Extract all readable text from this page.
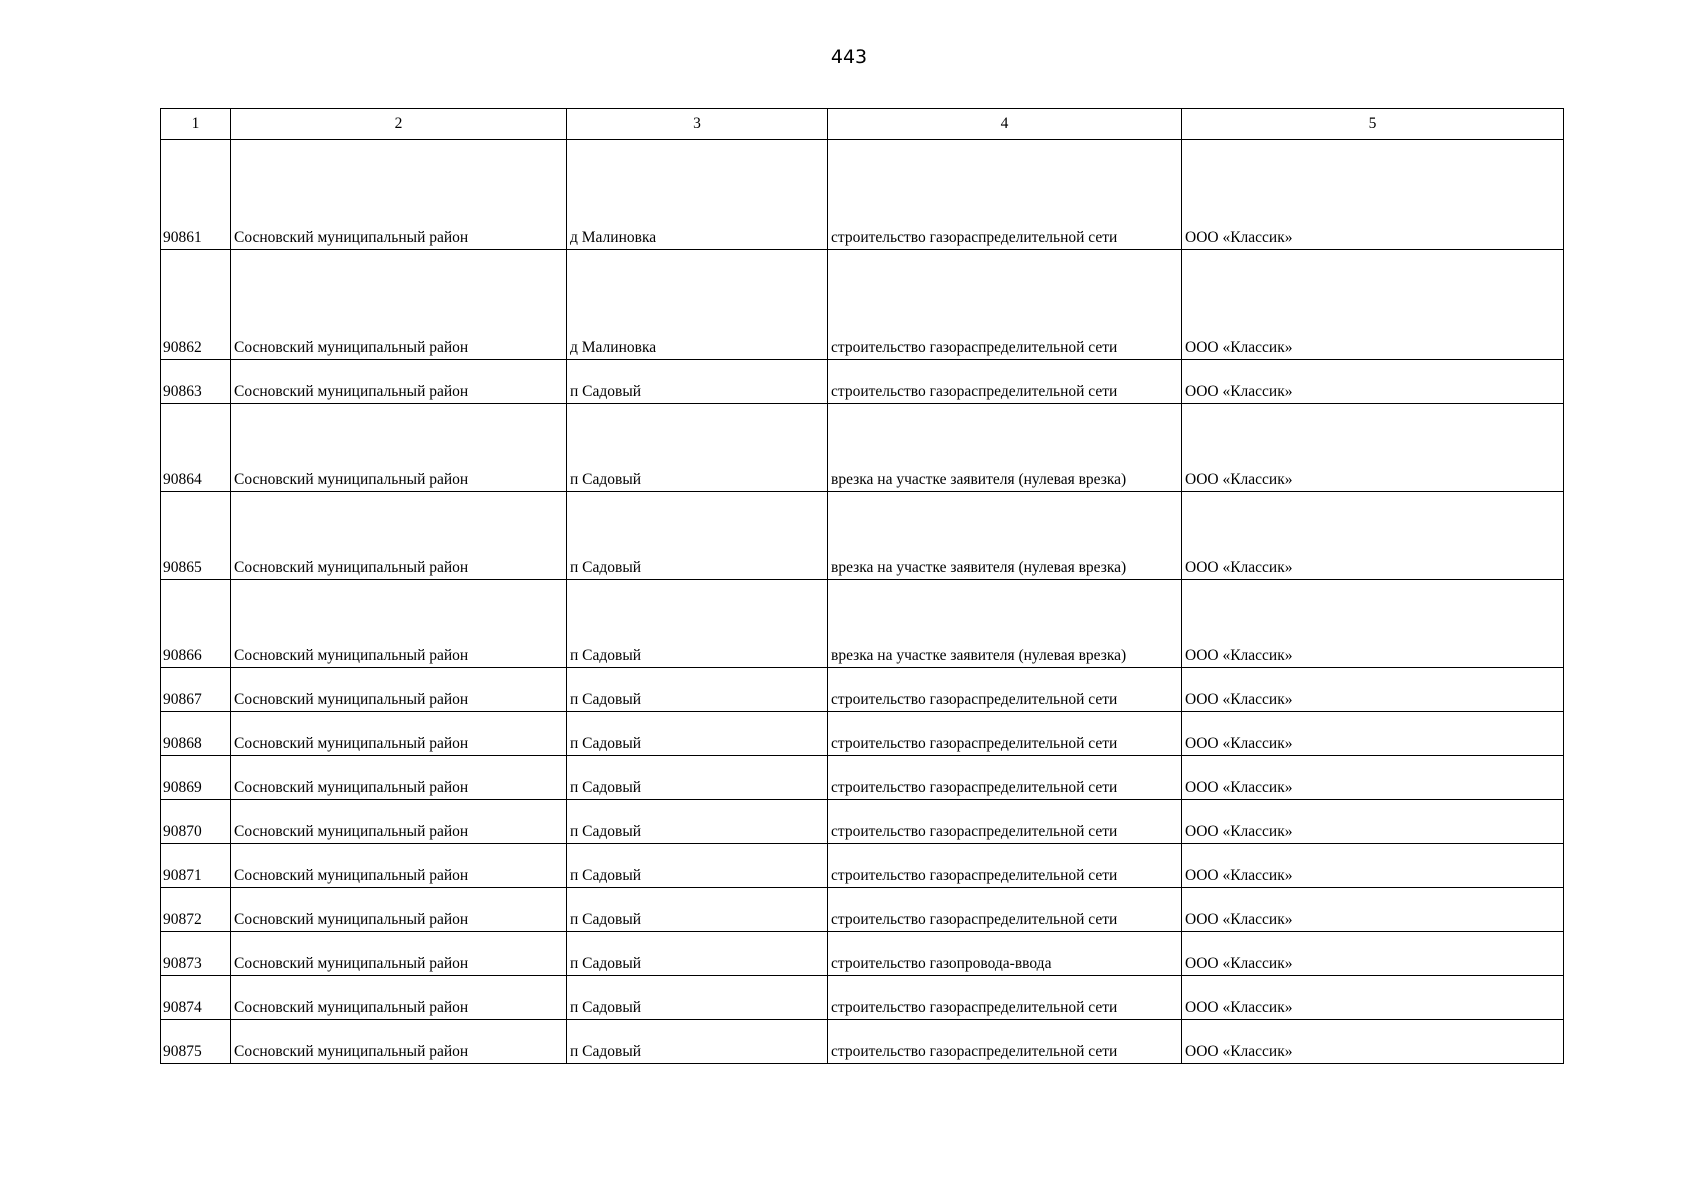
443
1	2	3	4	5
90861	Сосновский муниципальный район	д Малиновка	строительство газораспределительной сети	ООО «Классик»
90862	Сосновский муниципальный район	д Малиновка	строительство газораспределительной сети	ООО «Классик»
90863	Сосновский муниципальный район	п Садовый	строительство газораспределительной сети	ООО «Классик»
90864	Сосновский муниципальный район	п Садовый	врезка на участке заявителя (нулевая врезка)	ООО «Классик»
90865	Сосновский муниципальный район	п Садовый	врезка на участке заявителя (нулевая врезка)	ООО «Классик»
90866	Сосновский муниципальный район	п Садовый	врезка на участке заявителя (нулевая врезка)	ООО «Классик»
90867	Сосновский муниципальный район	п Садовый	строительство газораспределительной сети	ООО «Классик»
90868	Сосновский муниципальный район	п Садовый	строительство газораспределительной сети	ООО «Классик»
90869	Сосновский муниципальный район	п Садовый	строительство газораспределительной сети	ООО «Классик»
90870	Сосновский муниципальный район	п Садовый	строительство газораспределительной сети	ООО «Классик»
90871	Сосновский муниципальный район	п Садовый	строительство газораспределительной сети	ООО «Классик»
90872	Сосновский муниципальный район	п Садовый	строительство газораспределительной сети	ООО «Классик»
90873	Сосновский муниципальный район	п Садовый	строительство газопровода-ввода	ООО «Классик»
90874	Сосновский муниципальный район	п Садовый	строительство газораспределительной сети	ООО «Классик»
90875	Сосновский муниципальный район	п Садовый	строительство газораспределительной сети	ООО «Классик»
